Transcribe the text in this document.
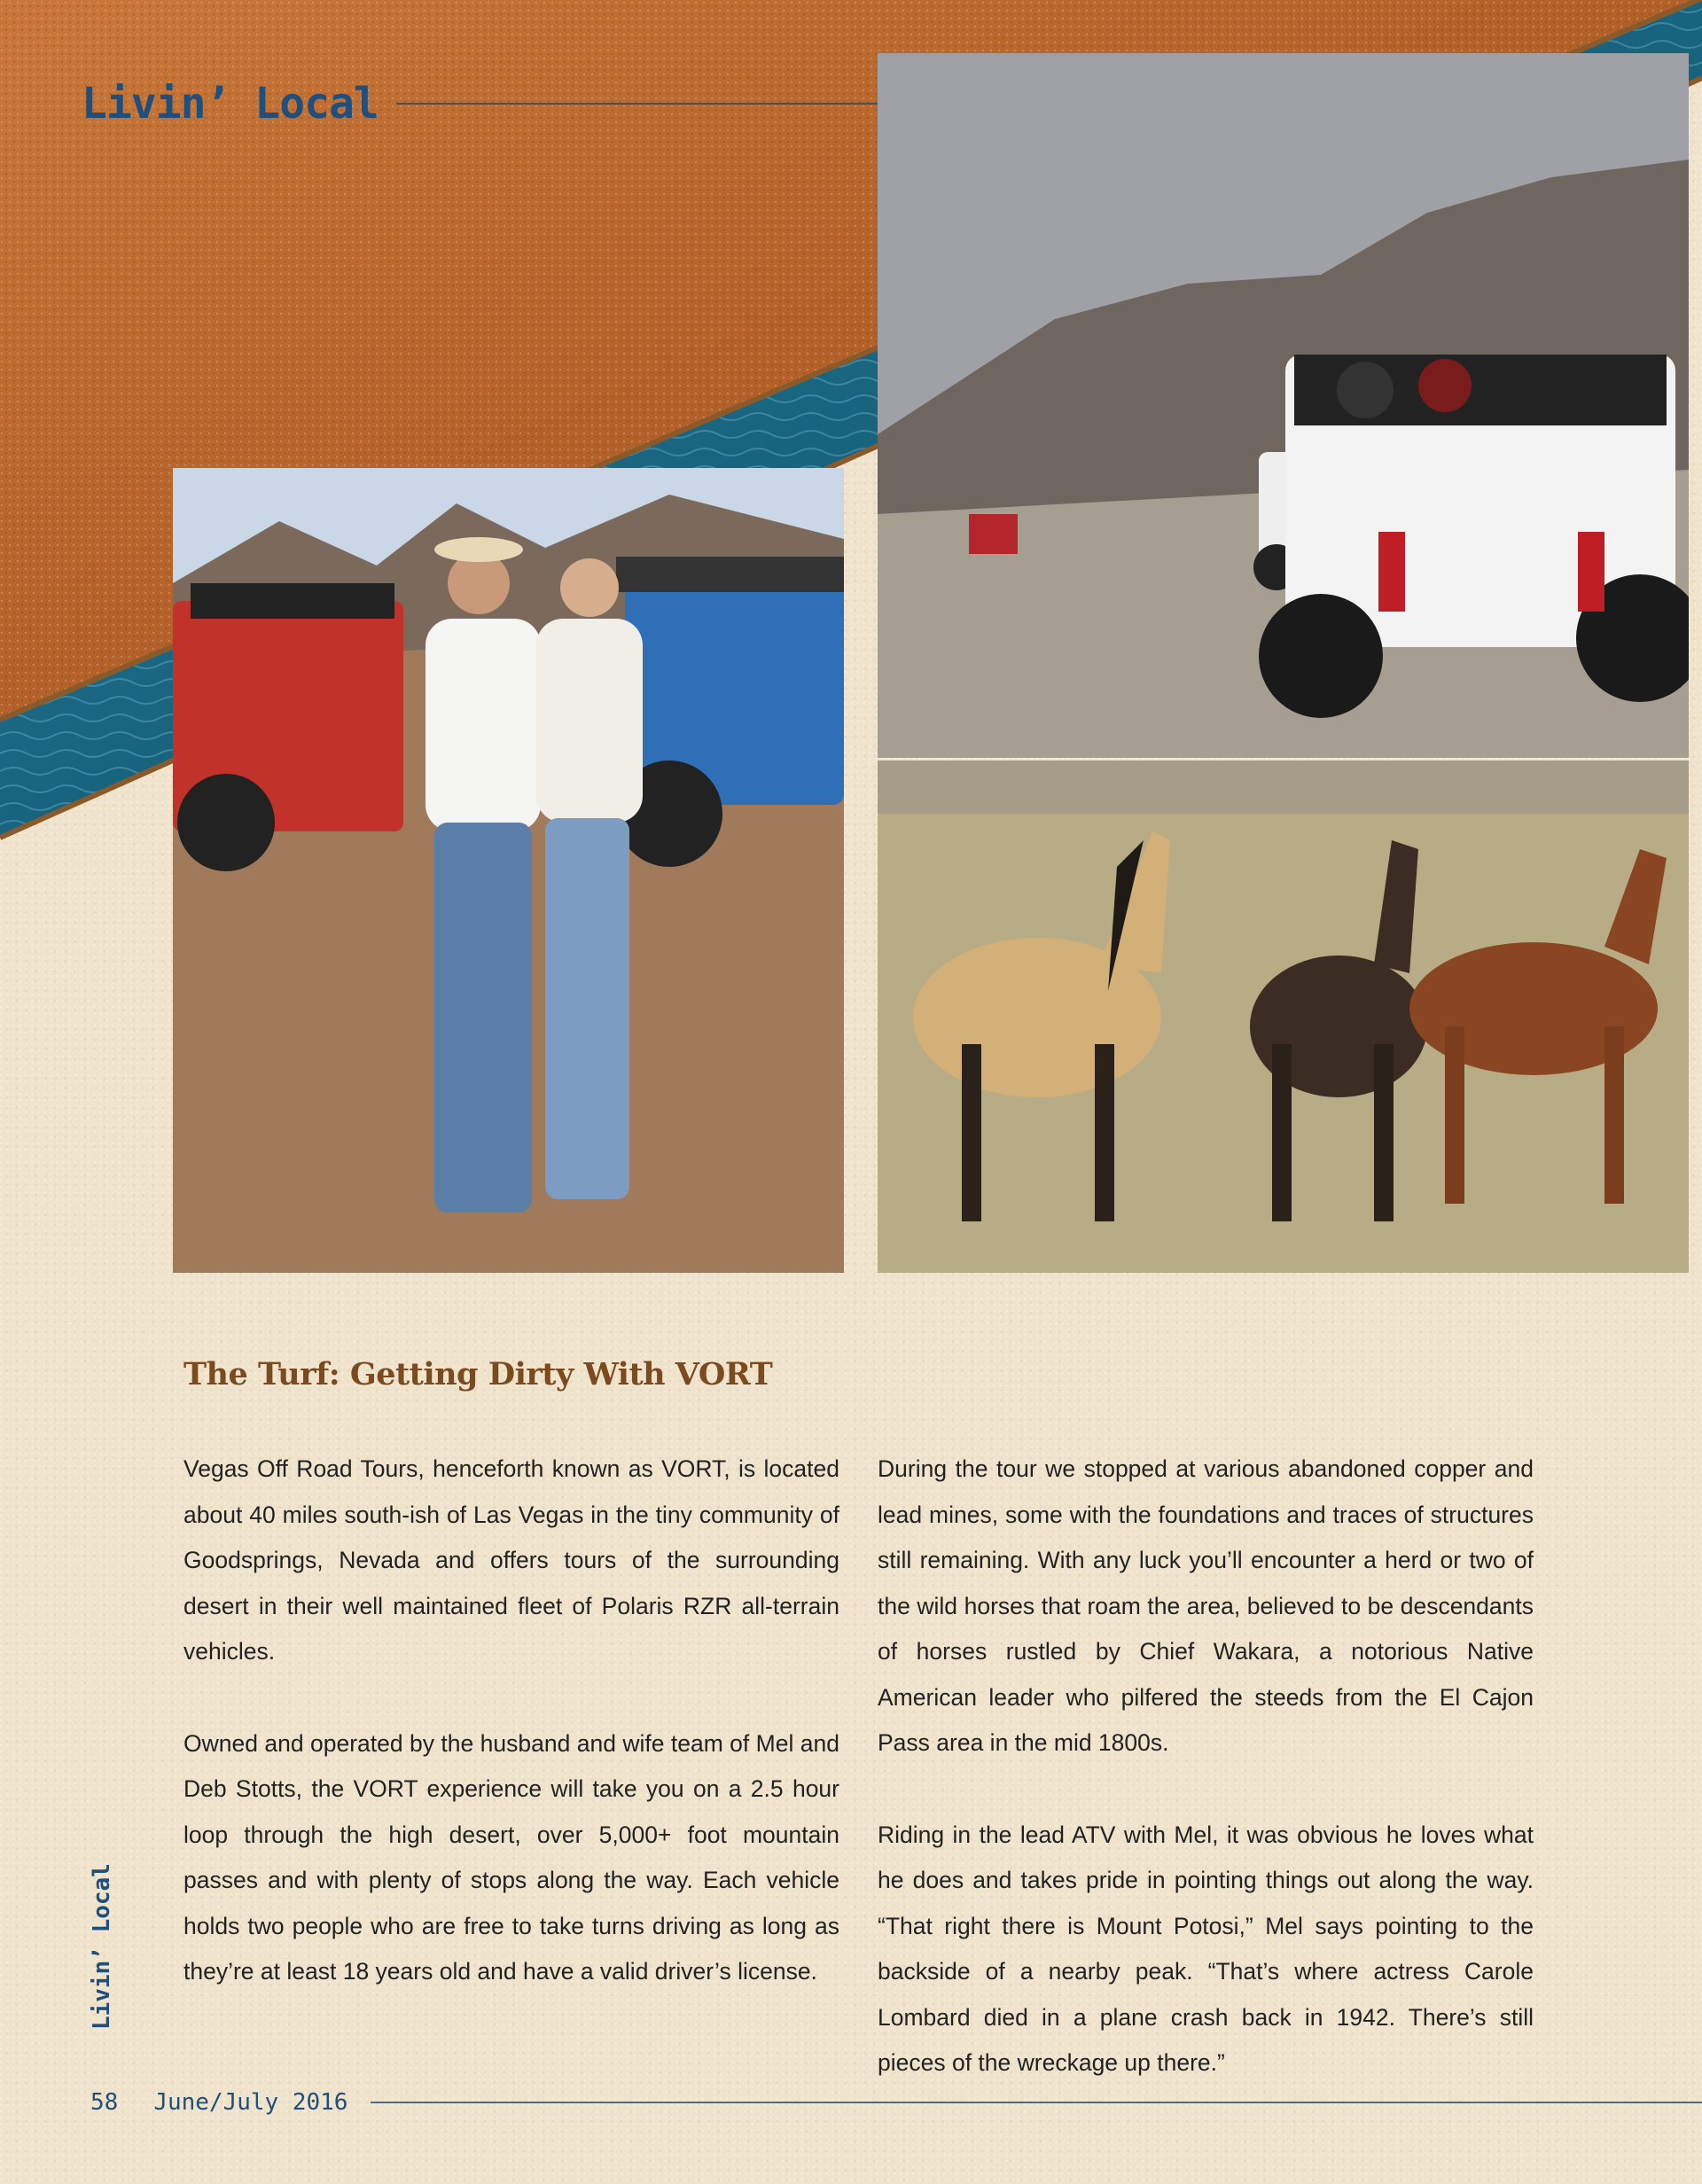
Livin’ Local
The Turf: Getting Dirty With VORT

Vegas Off Road Tours, henceforth known as VORT, is located about 40 miles south-ish of Las Vegas in the tiny community of Goodsprings, Nevada and offers tours of the surrounding desert in their well maintained fleet of Polaris RZR all-terrain vehicles.

Owned and operated by the husband and wife team of Mel and Deb Stotts, the VORT experience will take you on a 2.5 hour loop through the high desert, over 5,000+ foot mountain passes and with plenty of stops along the way. Each vehicle holds two people who are free to take turns driving as long as they’re at least 18 years old and have a valid driver’s license.

During the tour we stopped at various abandoned copper and lead mines, some with the foundations and traces of structures still remaining. With any luck you’ll encounter a herd or two of the wild horses that roam the area, believed to be descendants of horses rustled by Chief Wakara, a notorious Native American leader who pilfered the steeds from the El Cajon Pass area in the mid 1800s.

Riding in the lead ATV with Mel, it was obvious he loves what he does and takes pride in pointing things out along the way. “That right there is Mount Potosi,” Mel says pointing to the backside of a nearby peak. “That’s where actress Carole Lombard died in a plane crash back in 1942. There’s still pieces of the wreckage up there.”

Livin’ Local
58 June/July 2016
